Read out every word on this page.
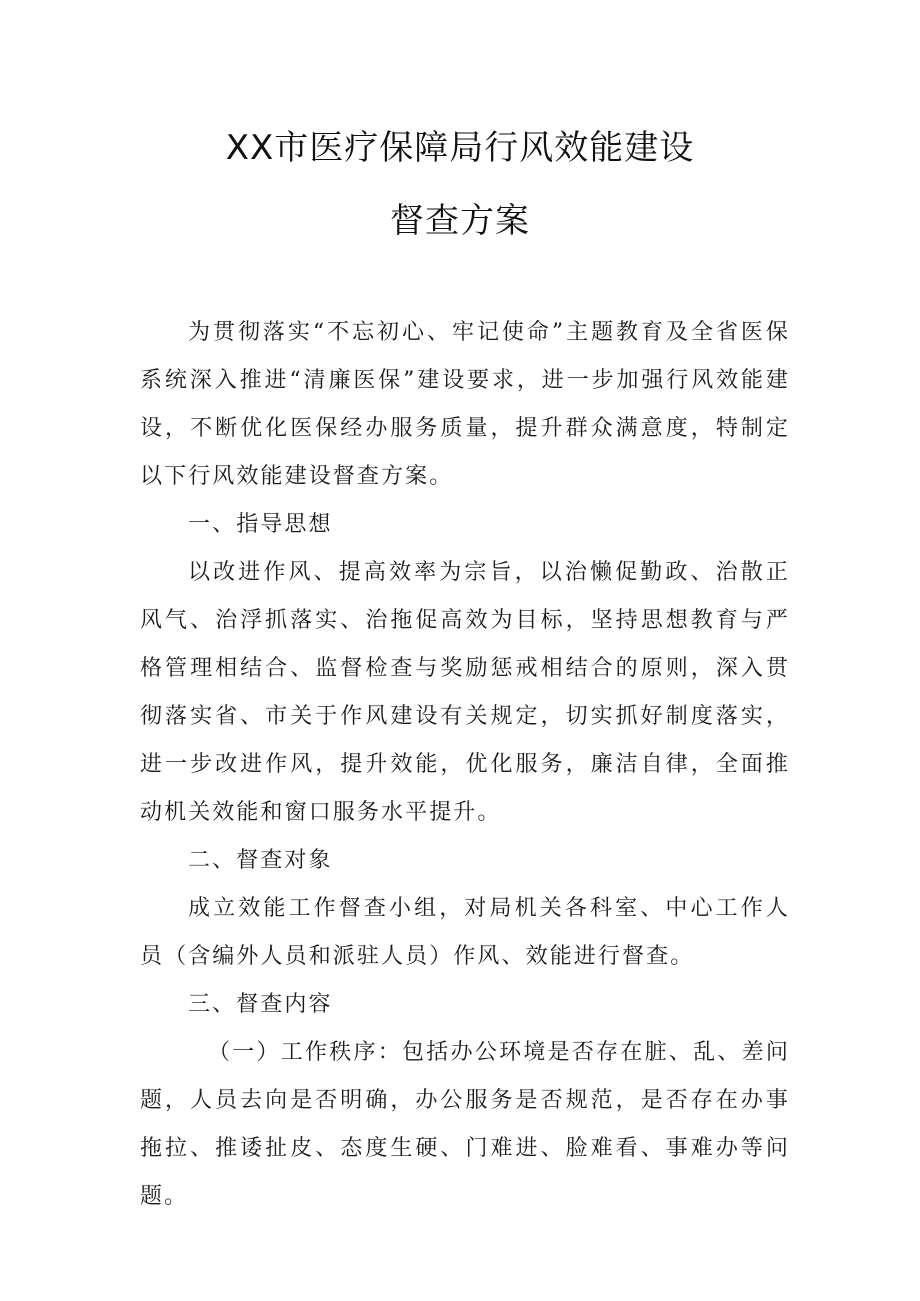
XX市医疗保障局行风效能建设
督查方案

为贯彻落实“不忘初心、牢记使命”主题教育及全省医保系统深入推进“清廉医保”建设要求，进一步加强行风效能建设，不断优化医保经办服务质量，提升群众满意度，特制定以下行风效能建设督查方案。

一、指导思想

以改进作风、提高效率为宗旨，以治懒促勤政、治散正风气、治浮抓落实、治拖促高效为目标，坚持思想教育与严格管理相结合、监督检查与奖励惩戒相结合的原则，深入贯彻落实省、市关于作风建设有关规定，切实抓好制度落实，进一步改进作风，提升效能，优化服务，廉洁自律，全面推动机关效能和窗口服务水平提升。

二、督查对象

成立效能工作督查小组，对局机关各科室、中心工作人员（含编外人员和派驻人员）作风、效能进行督查。

三、督查内容

（一）工作秩序：包括办公环境是否存在脏、乱、差问题，人员去向是否明确，办公服务是否规范，是否存在办事拖拉、推诿扯皮、态度生硬、门难进、脸难看、事难办等问题。
